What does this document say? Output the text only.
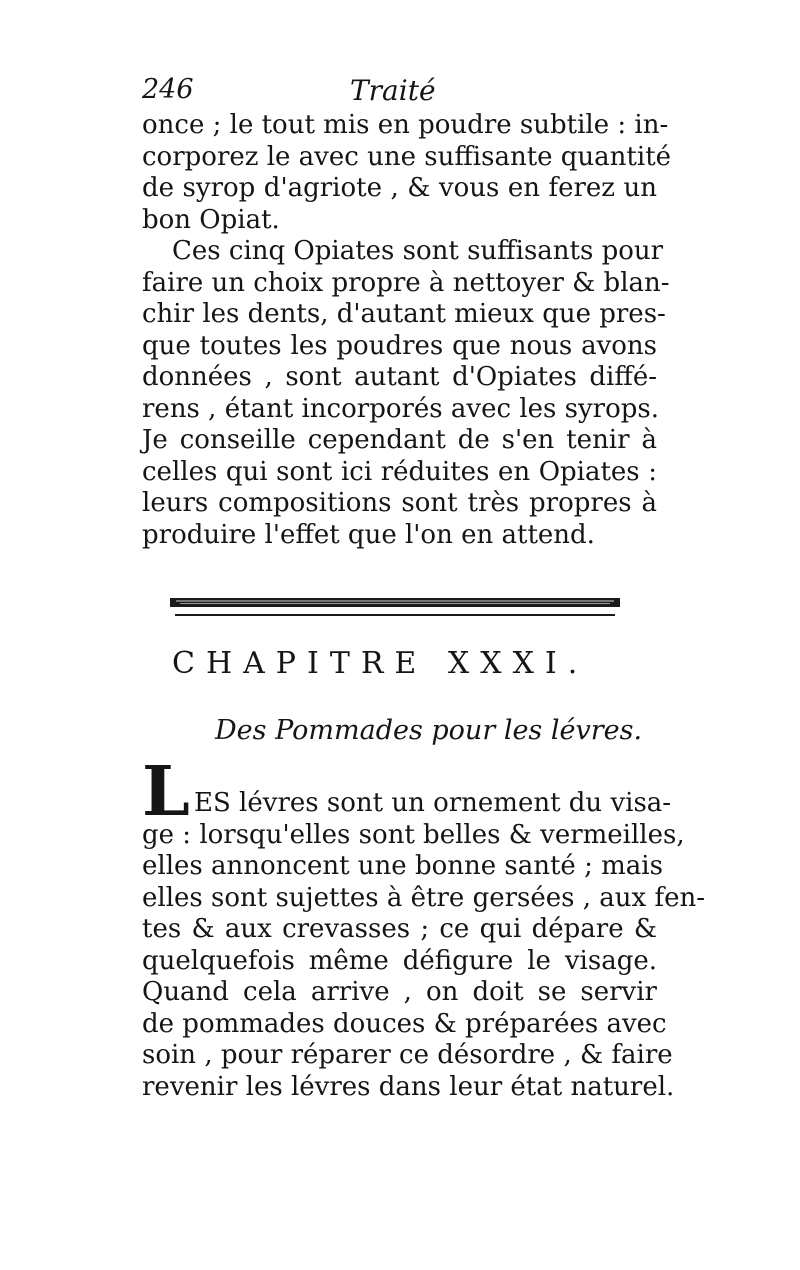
246	Traité
once ; le tout mis en poudre subtile : in-
corporez le avec une suffisante quantité
de syrop d'agriote , & vous en ferez un
bon Opiat.
Ces cinq Opiates sont suffisants pour
faire un choix propre à nettoyer & blan-
chir les dents, d'autant mieux que pres-
que toutes les poudres que nous avons
données , sont autant d'Opiates diffé-
rens , étant incorporés avec les syrops.
Je conseille cependant de s'en tenir à
celles qui sont ici réduites en Opiates :
leurs compositions sont très propres à
produire l'effet que l'on en attend.
CHAPITRE XXXI.
Des Pommades pour les lévres.
L ES lévres sont un ornement du visa-
ge : lorsqu'elles sont belles & vermeilles,
elles annoncent une bonne santé ; mais
elles sont sujettes à être gersées , aux fen-
tes & aux crevasses ; ce qui dépare &
quelquefois même défigure le visage.
Quand cela arrive , on doit se servir
de pommades douces & préparées avec
soin , pour réparer ce désordre , & faire
revenir les lévres dans leur état naturel.
